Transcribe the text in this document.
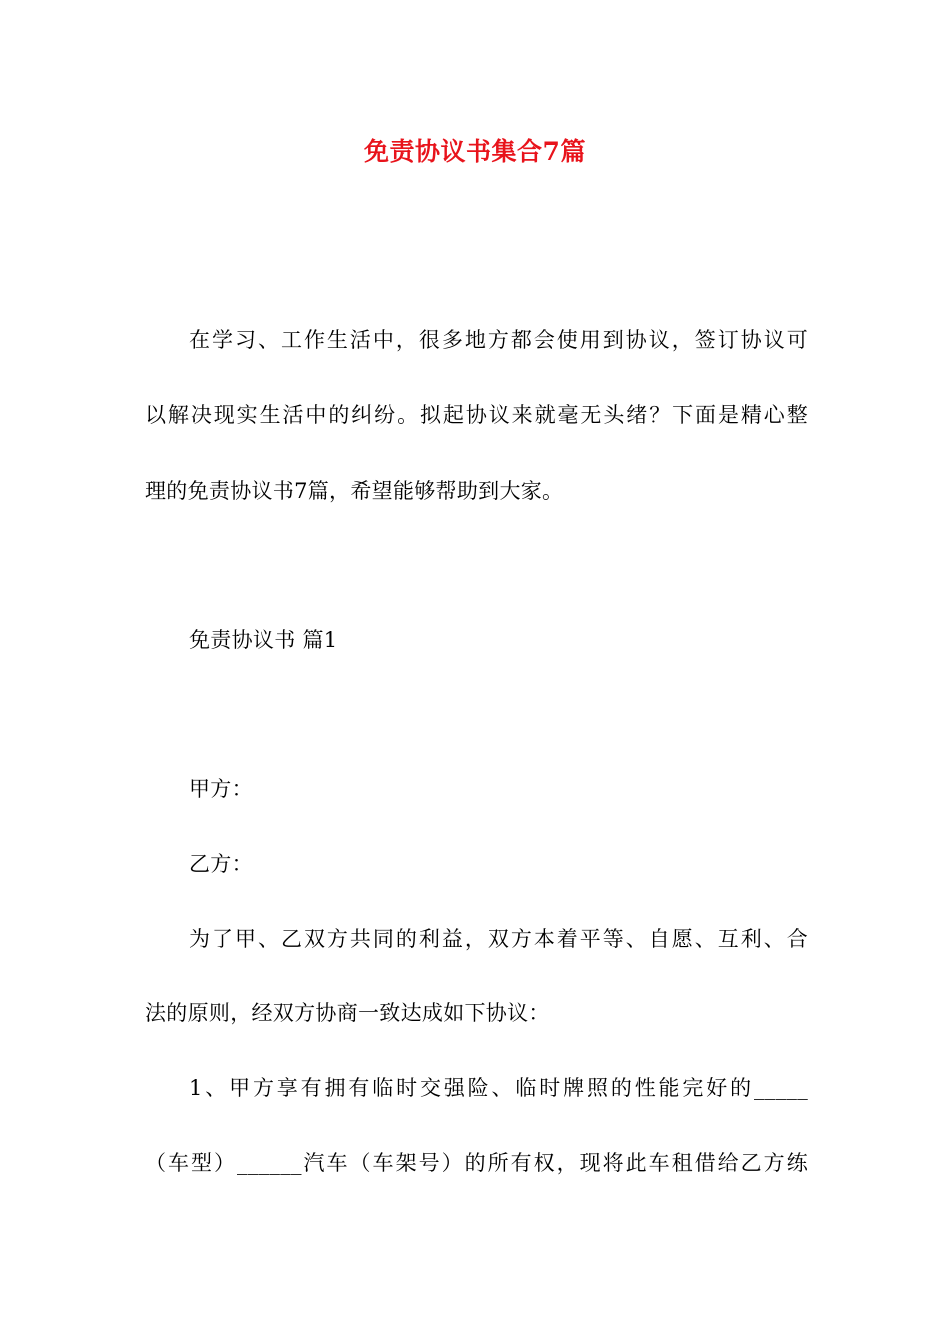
免责协议书集合7篇
在学习、工作生活中，很多地方都会使用到协议，签订协议可
以解决现实生活中的纠纷。拟起协议来就毫无头绪？下面是精心整
理的免责协议书7篇，希望能够帮助到大家。
免责协议书 篇1
甲方：
乙方：
为了甲、乙双方共同的利益，双方本着平等、自愿、互利、合
法的原则，经双方协商一致达成如下协议：
1、甲方享有拥有临时交强险、临时牌照的性能完好的_____
（车型）______汽车（车架号）的所有权，现将此车租借给乙方练
